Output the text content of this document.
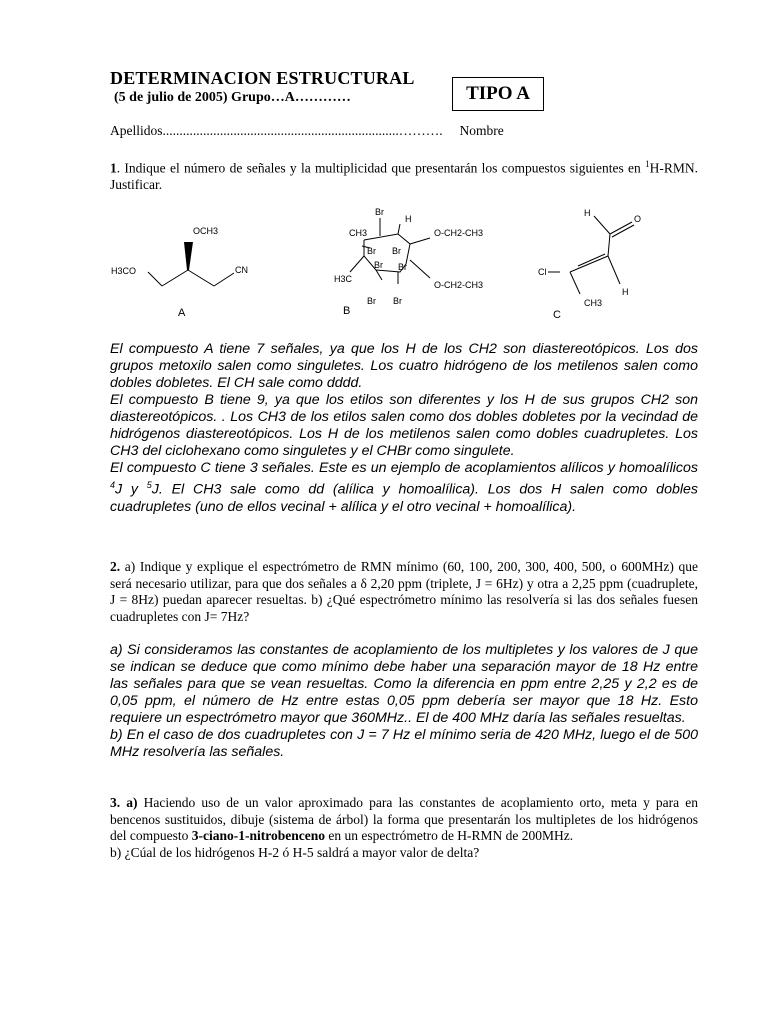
DETERMINACION ESTRUCTURAL
(5 de julio de 2005) Grupo…A…………	TIPO A
Apellidos......................................................................………. Nombre
1. Indique el número de señales y la multiplicidad que presentarán los compuestos siguientes en $^1$H-RMN. Justificar.
OCH3
H3CO	CN
A
Br
H
CH3
Br Br
Br Br
H3C
Br Br
O-CH2-CH3
O-CH2-CH3
B
H
O
Cl
H
CH3
C

El compuesto A tiene 7 señales, ya que los H de los CH2 son diastereotópicos. Los dos grupos metoxilo salen como singuletes. Los cuatro hidrógeno de los metilenos salen como dobles dobletes. El CH sale como dddd.

El compuesto B tiene 9, ya que los etilos son diferentes y los H de sus grupos CH2 son diastereotópicos. . Los CH3 de los etilos salen como dos dobles dobletes por la vecindad de hidrógenos diastereotópicos. Los H de los metilenos salen como dobles cuadrupletes. Los CH3 del ciclohexano como singuletes y el CHBr como singulete.

El compuesto C tiene 3 señales. Este es un ejemplo de acoplamientos alílicos y homoalílicos $^4$J y $^5$J. El CH3 sale como dd (alílica y homoalílica). Los dos H salen como dobles cuadrupletes (uno de ellos vecinal + alílica y el otro vecinal + homoalílica).

2. a) Indique y explique el espectrómetro de RMN mínimo (60, 100, 200, 300, 400, 500, o 600MHz) que será necesario utilizar, para que dos señales a δ 2,20 ppm (triplete, J = 6Hz) y otra a 2,25 ppm (cuadruplete, J = 8Hz) puedan aparecer resueltas. b) ¿Qué espectrómetro mínimo las resolvería si las dos señales fuesen cuadrupletes con J= 7Hz?

a) Si consideramos las constantes de acoplamiento de los multipletes y los valores de J que se indican se deduce que como mínimo debe haber una separación mayor de 18 Hz entre las señales para que se vean resueltas. Como la diferencia en ppm entre 2,25 y 2,2 es de 0,05 ppm, el número de Hz entre estas 0,05 ppm debería ser mayor que 18 Hz. Esto requiere un espectrómetro mayor que 360MHz.. El de 400 MHz daría las señales resueltas.

b) En el caso de dos cuadrupletes con J = 7 Hz el mínimo seria de 420 MHz, luego el de 500 MHz resolvería las señales.

3. a) Haciendo uso de un valor aproximado para las constantes de acoplamiento orto, meta y para en bencenos sustituidos, dibuje (sistema de árbol) la forma que presentarán los multipletes de los hidrógenos del compuesto 3-ciano-1-nitrobenceno en un espectrómetro de H-RMN de 200MHz.
b) ¿Cúal de los hidrógenos H-2 ó H-5 saldrá a mayor valor de delta?
